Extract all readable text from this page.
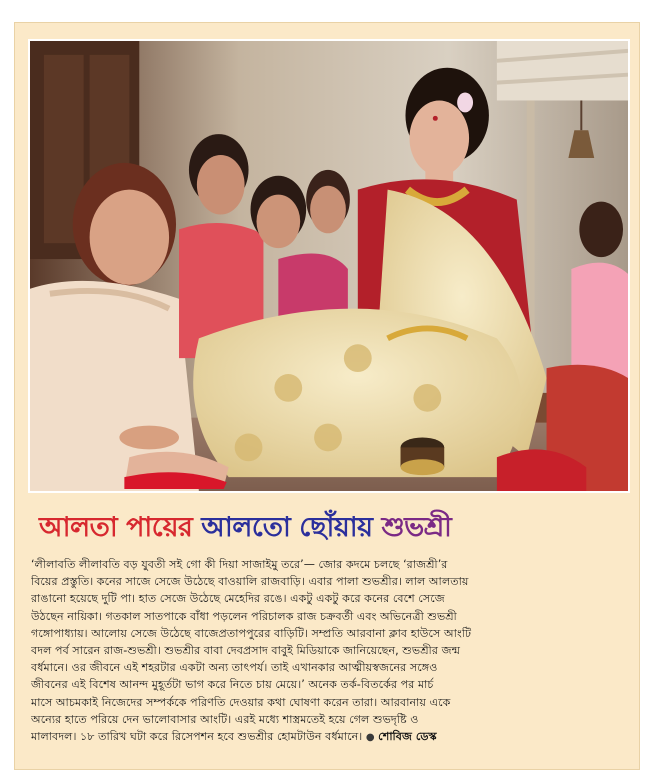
আলতা পায়ের আলতো ছোঁয়ায় শুভশ্রী
‘লীলাবতি লীলাবতি বড় যুবতী সই গো কী দিয়া সাজাইমু তরে’— জোর কদমে চলছে ‘রাজশ্রী’র
বিয়ের প্রস্তুতি। কনের সাজে সেজে উঠেছে বাওয়ালি রাজবাড়ি। এবার পালা শুভশ্রীর। লাল আলতায়
রাঙানো হয়েছে দুটি পা। হাত সেজে উঠেছে মেহেদির রঙে। একটু একটু করে কনের বেশে সেজে
উঠছেন নায়িকা। গতকাল সাতপাকে বাঁধা পড়লেন পরিচালক রাজ চক্রবর্তী এবং অভিনেত্রী শুভশ্রী
গঙ্গোপাধ্যায়। আলোয় সেজে উঠেছে বাজেপ্রতাপপুরের বাড়িটি। সম্প্রতি আরবানা ক্লাব হাউসে আংটি
বদল পর্ব সারেন রাজ-শুভশ্রী। শুভশ্রীর বাবা দেবপ্রসাদ বাবুই মিডিয়াকে জানিয়েছেন, শুভশ্রীর জন্ম
বর্ধমানে। ওর জীবনে এই শহরটার একটা অন্য তাৎপর্য। তাই এখানকার আত্মীয়স্বজনের সঙ্গেও
জীবনের এই বিশেষ আনন্দ মুহূর্তটা ভাগ করে নিতে চায় মেয়ে।’ অনেক তর্ক-বিতর্কের পর মার্চ
মাসে আচমকাই নিজেদের সম্পর্ককে পরিণতি দেওয়ার কথা ঘোষণা করেন তারা। আরবানায় একে
অন্যের হাতে পরিয়ে দেন ভালোবাসার আংটি। এরই মধ্যে শাস্ত্রমতেই হয়ে গেল শুভদৃষ্টি ও
মালাবদল। ১৮ তারিখ ঘটা করে রিসেপশন হবে শুভশ্রীর হোমটাউন বর্ধমানে। ● শোবিজ ডেস্ক
